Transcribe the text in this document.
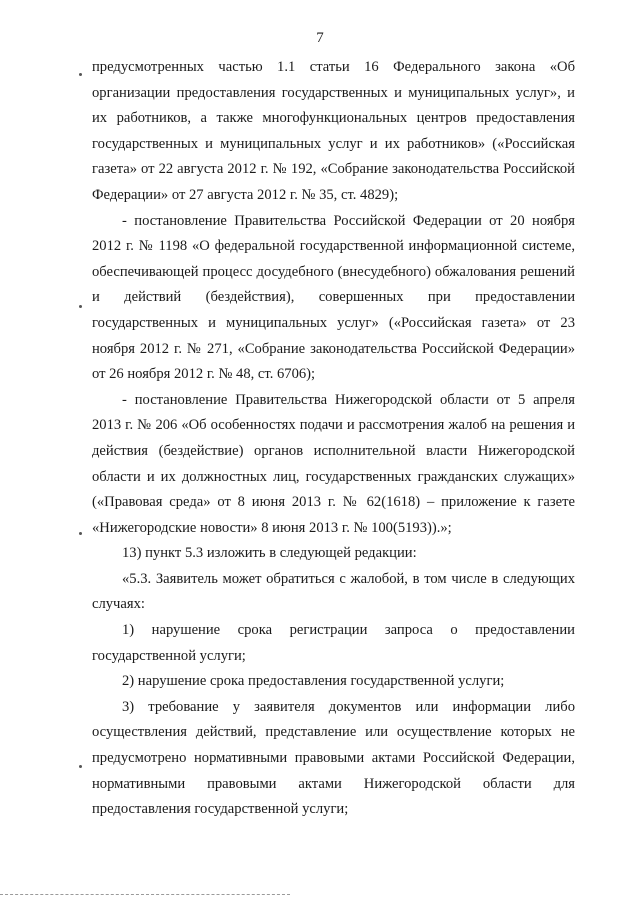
7

предусмотренных частью 1.1 статьи 16 Федерального закона «Об организации предоставления государственных и муниципальных услуг», и их работников, а также многофункциональных центров предоставления государственных и муниципальных услуг и их работников» («Российская газета» от 22 августа 2012 г. № 192, «Собрание законодательства Российской Федерации» от 27 августа 2012 г. № 35, ст. 4829);

- постановление Правительства Российской Федерации от 20 ноября 2012 г. № 1198 «О федеральной государственной информационной системе, обеспечивающей процесс досудебного (внесудебного) обжалования решений и действий (бездействия), совершенных при предоставлении государственных и муниципальных услуг» («Российская газета» от 23 ноября 2012 г. № 271, «Собрание законодательства Российской Федерации» от 26 ноября 2012 г. № 48, ст. 6706);

- постановление Правительства Нижегородской области от 5 апреля 2013 г. № 206 «Об особенностях подачи и рассмотрения жалоб на решения и действия (бездействие) органов исполнительной власти Нижегородской области и их должностных лиц, государственных гражданских служащих» («Правовая среда» от 8 июня 2013 г. № 62(1618) – приложение к газете «Нижегородские новости» 8 июня 2013 г. № 100(5193)).»;

13) пункт 5.3 изложить в следующей редакции:

«5.3. Заявитель может обратиться с жалобой, в том числе в следующих случаях:

1) нарушение срока регистрации запроса о предоставлении государственной услуги;

2) нарушение срока предоставления государственной услуги;

3) требование у заявителя документов или информации либо осуществления действий, представление или осуществление которых не предусмотрено нормативными правовыми актами Российской Федерации, нормативными правовыми актами Нижегородской области для предоставления государственной услуги;
